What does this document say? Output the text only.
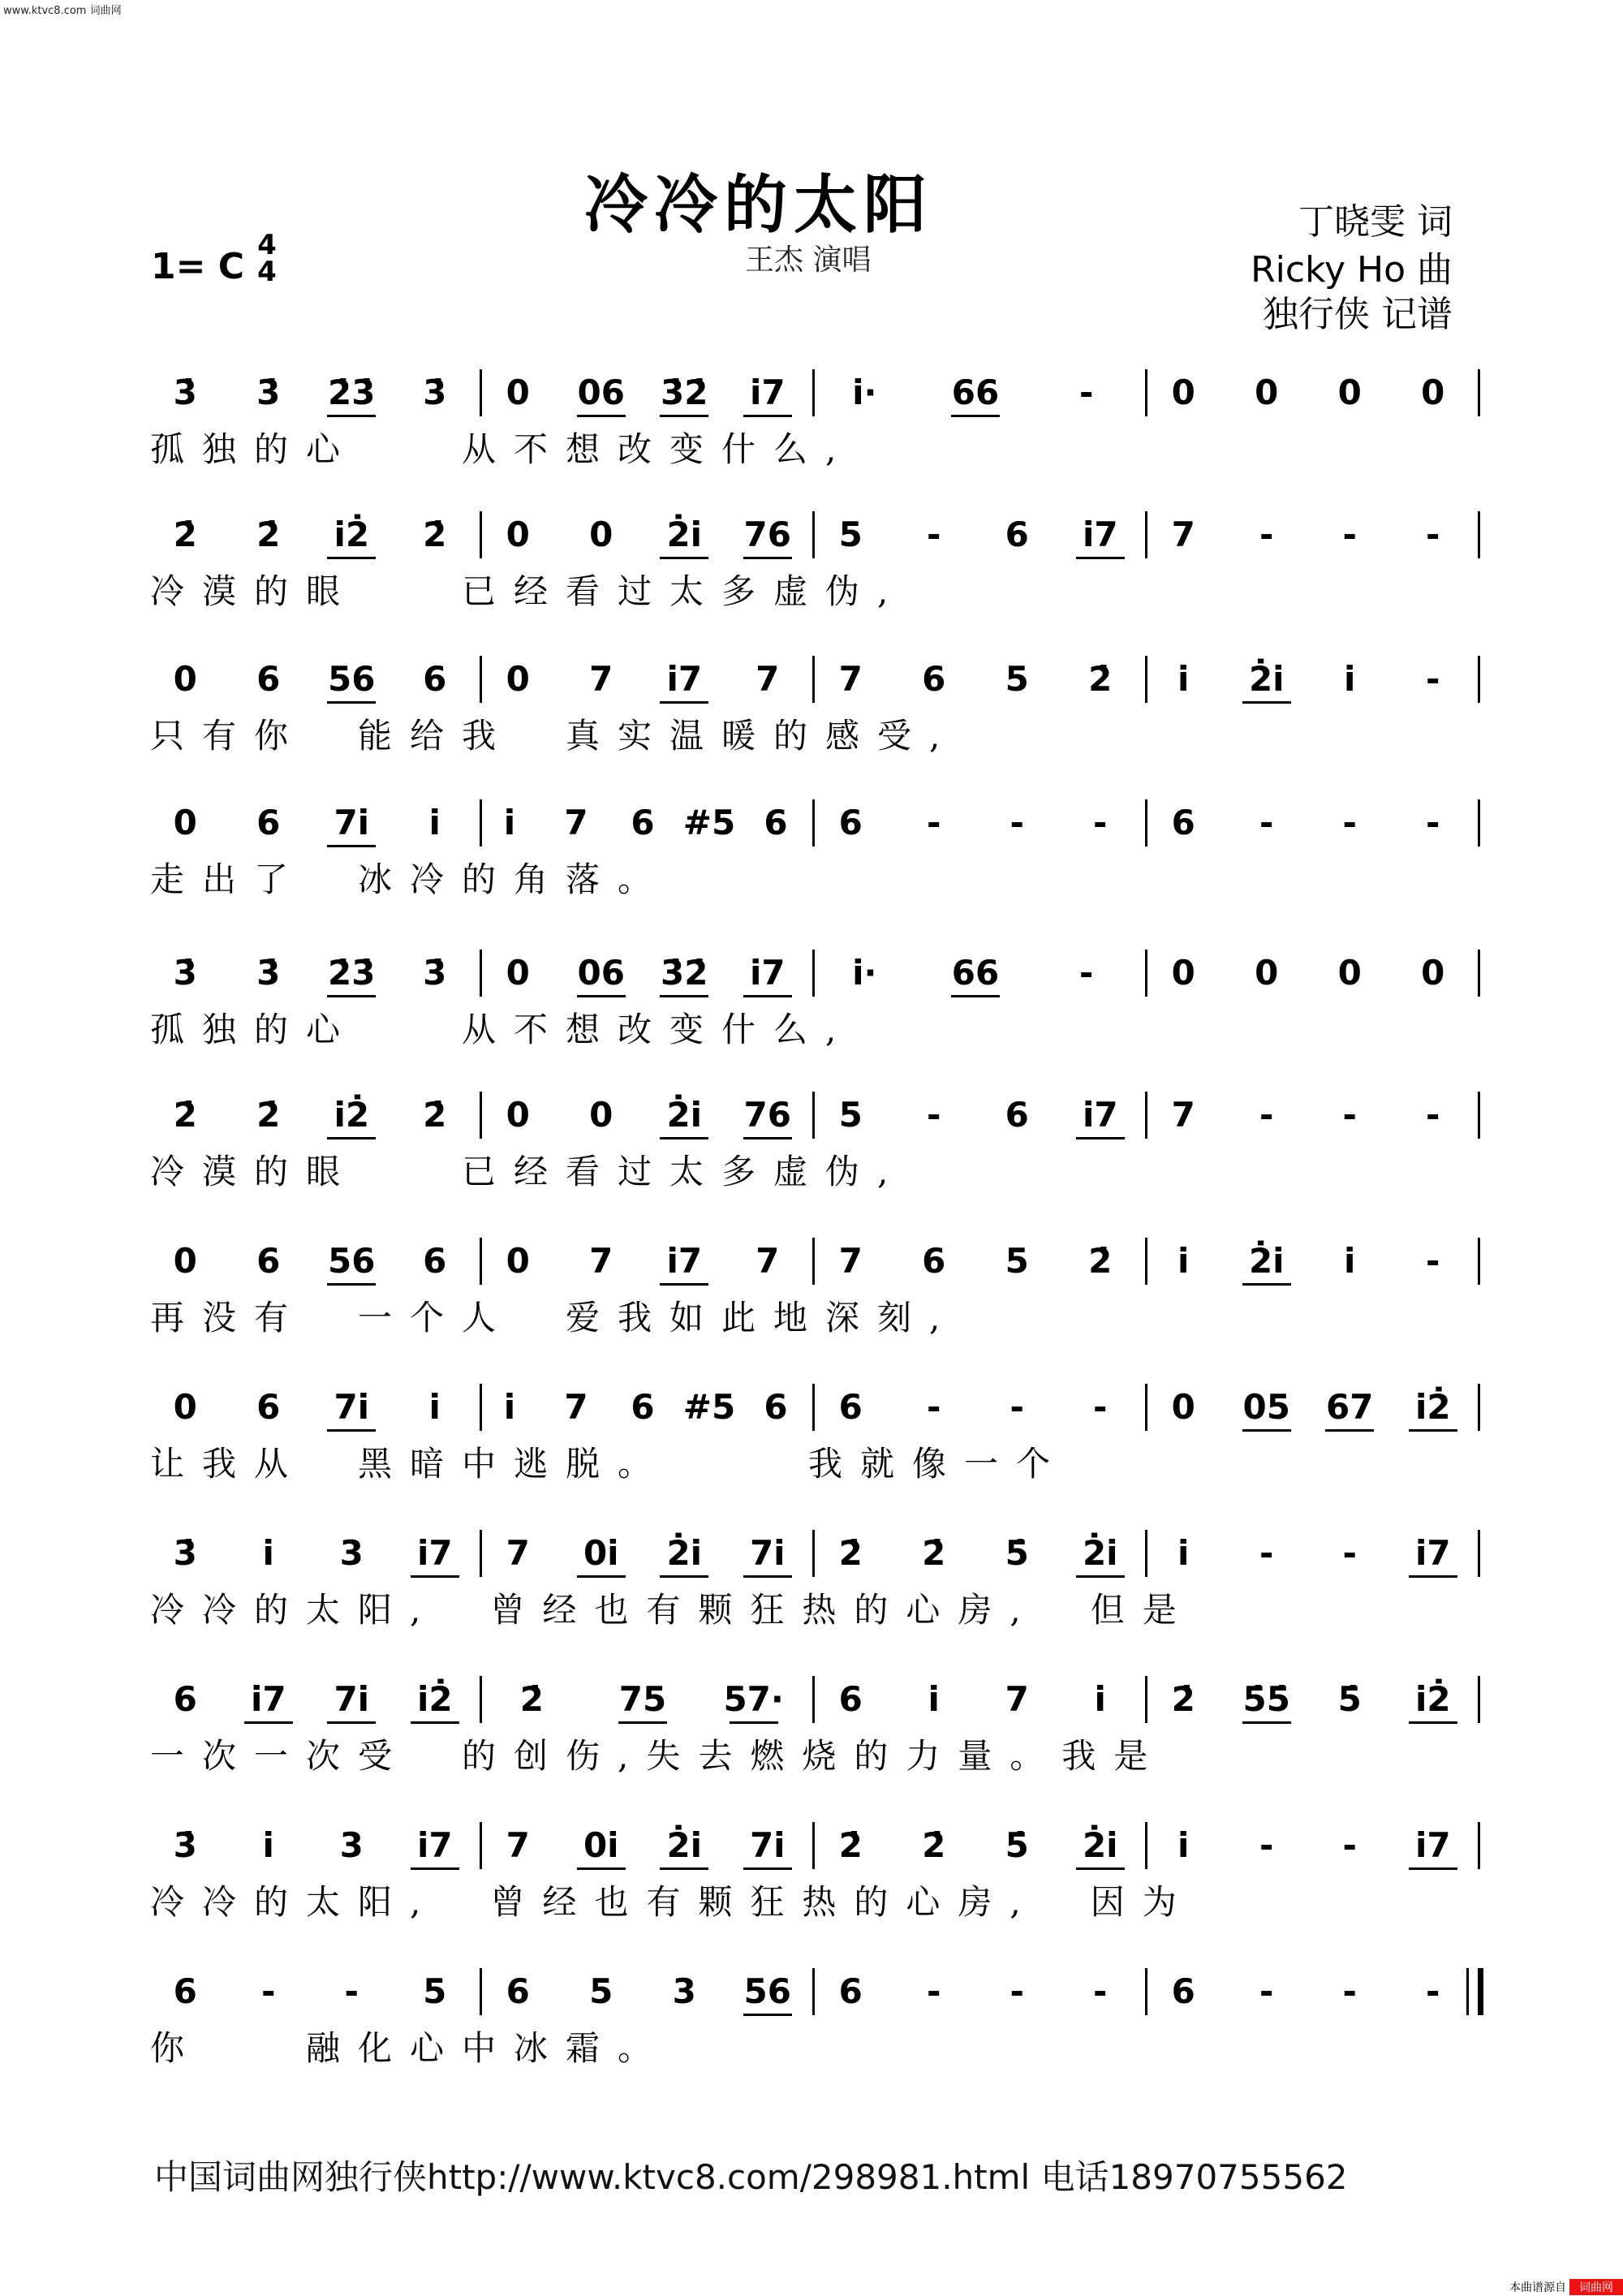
www.ktvc8.com 词曲网
冷冷的太阳
王杰 演唱
1= C
4
4
丁晓雯 词
Ricky Ho 曲
独行侠 记谱
3̇ 3̇ 2̇3̇ 3̇ 0 06 3̇2̇ i7 i· 66 - 0 0 0 0
孤独的心　　从不想改变什么,
2̇ 2̇ i2̇ 2̇ 0 0 2̇i 76 5 - 6 i7 7 - - -
冷漠的眼　　已经看过太多虚伪,
0 6 56 6 0 7 i7 7 7 6 5 2̇ i 2̇i i -
只有你　能给我　真实温暖的感受,
0 6 7i i i 7 6 #5 6 6 - - - 6 - - -
走出了　冰冷的角落。
3̇ 3̇ 2̇3̇ 3̇ 0 06 3̇2̇ i7 i· 66 - 0 0 0 0
孤独的心　　从不想改变什么,
2̇ 2̇ i2̇ 2̇ 0 0 2̇i 76 5 - 6 i7 7 - - -
冷漠的眼　　已经看过太多虚伪,
0 6 56 6 0 7 i7 7 7 6 5 2̇ i 2̇i i -
再没有　一个人　爱我如此地深刻,
0 6 7i i i 7 6 #5 6 6 - - - 0 05 67 i2̇
让我从　黑暗中逃脱。　　　我就像一个
3̇ i 3 i7 7 0i 2̇i 7i 2̇ 2̇ 5̇ 2̇i i - - i7
冷冷的太阳,　曾经也有颗狂热的心房,　但是
6 i7 7i i2̇ 2̇ 75 57· 6 i 7 i 2̇ 5̇5̇ 5̇ i2̇
一次一次受　的创伤,失去燃烧的力量。我是
3̇ i 3 i7 7 0i 2̇i 7i 2̇ 2̇ 5̇ 2̇i i - - i7
冷冷的太阳,　曾经也有颗狂热的心房,　因为
6 - - 5 6 5 3 56 6 - - - 6 - - -
你　　融化心中冰霜。
中国词曲网独行侠http://www.ktvc8.com/298981.html 电话18970755562
本曲谱源自	词曲网
